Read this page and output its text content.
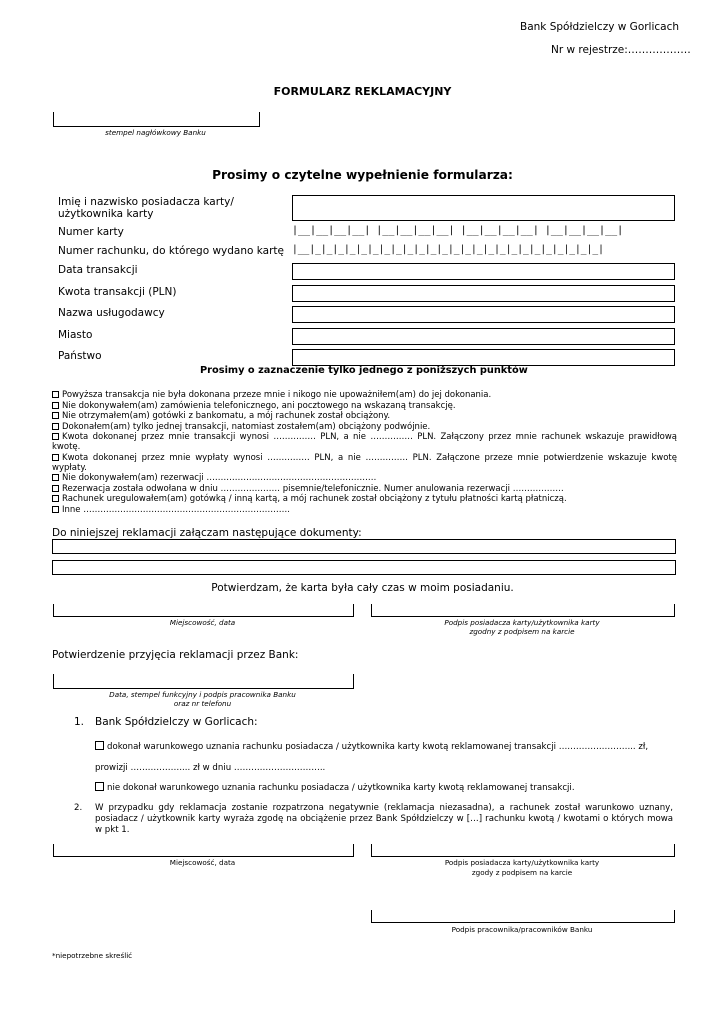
Bank Spółdzielczy w Gorlicach
Nr w rejestrze:………………
FORMULARZ REKLAMACYJNY
stempel nagłówkowy Banku
Prosimy o czytelne wypełnienie formularza:
Imię i nazwisko posiadacza karty/ użytkownika karty
Numer karty	|__|__|__|__| |__|__|__|__| |__|__|__|__| |__|__|__|__|
Numer rachunku, do którego wydano kartę |__|_|_|_|_|_|_|_|_|_|_|_|_|_|_|_|_|_|_|_|_|_|_|_|_|_|
Data transakcji
Kwota transakcji (PLN)
Nazwa usługodawcy
Miasto
Państwo
Prosimy o zaznaczenie tylko jednego z poniższych punktów
Powyższa transakcja nie była dokonana przeze mnie i nikogo nie upoważniłem(am) do jej dokonania.
Nie dokonywałem(am) zamówienia telefonicznego, ani pocztowego na wskazaną transakcję.
Nie otrzymałem(am) gotówki z bankomatu, a mój rachunek został obciążony.
Dokonałem(am) tylko jednej transakcji, natomiast zostałem(am) obciążony podwójnie.
Kwota dokonanej przez mnie transakcji wynosi …………… PLN, a nie …………… PLN. Załączony przez mnie rachunek wskazuje prawidłową kwotę.
Kwota dokonanej przez mnie wypłaty wynosi …………… PLN, a nie …………… PLN. Załączone przeze mnie potwierdzenie wskazuje kwotę wypłaty.
Nie dokonywałem(am) rezerwacji ……………………………………………………
Rezerwacja została odwołana w dniu ………………… pisemnie/telefonicznie. Numer anulowania rezerwacji ………………
Rachunek uregulowałem(am) gotówką / inną kartą, a mój rachunek został obciążony z tytułu płatności kartą płatniczą.
Inne ……………………………………………………………….
Do niniejszej reklamacji załączam następujące dokumenty:
Potwierdzam, że karta była cały czas w moim posiadaniu.
Miejscowość, data	Podpis posiadacza karty/użytkownika karty
zgodny z podpisem na karcie
Potwierdzenie przyjęcia reklamacji przez Bank:
Data, stempel funkcyjny i podpis pracownika Banku
oraz nr telefonu
1. Bank Spółdzielczy w Gorlicach:
dokonał warunkowego uznania rachunku posiadacza / użytkownika karty kwotą reklamowanej transakcji ……………………... zł,
prowizji ………………... zł w dniu …………………………..
nie dokonał warunkowego uznania rachunku posiadacza / użytkownika karty kwotą reklamowanej transakcji.
2. W przypadku gdy reklamacja zostanie rozpatrzona negatywnie (reklamacja niezasadna), a rachunek został warunkowo uznany, posiadacz / użytkownik karty wyraża zgodę na obciążenie przez Bank Spółdzielczy w […] rachunku kwotą / kwotami o których mowa w pkt 1.
Miejscowość, data	Podpis posiadacza karty/użytkownika karty
zgody z podpisem na karcie
Podpis pracownika/pracowników Banku
*niepotrzebne skreślić
